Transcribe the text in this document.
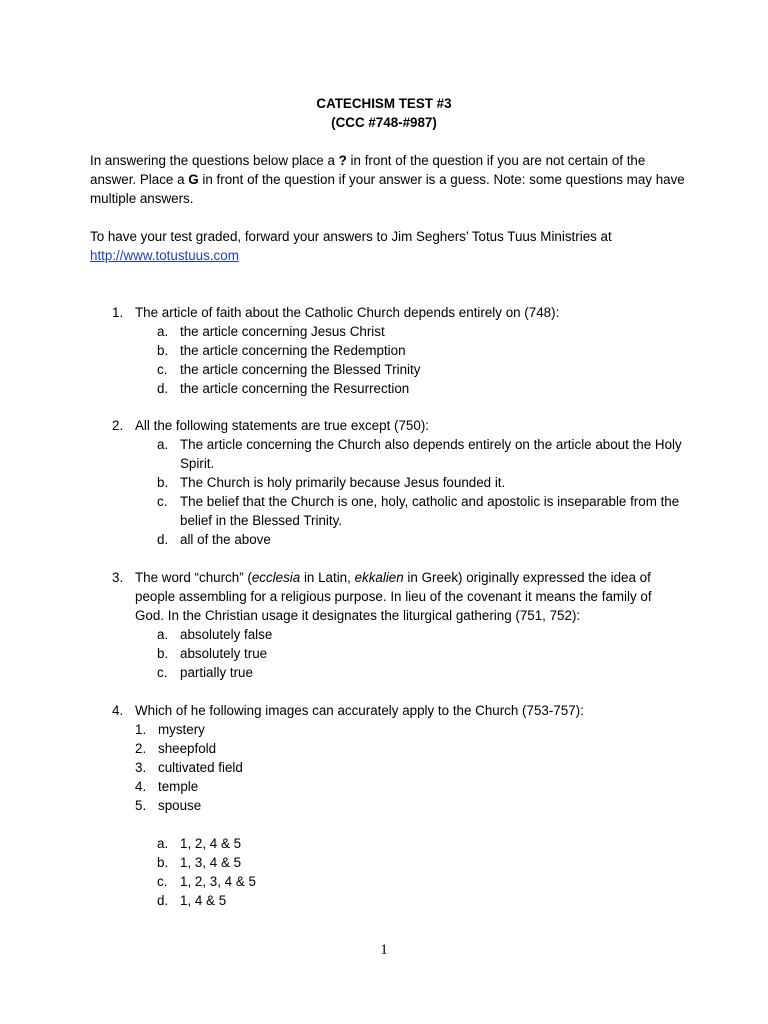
CATECHISM TEST #3
(CCC #748-#987)
In answering the questions below place a ? in front of the question if you are not certain of the answer. Place a G in front of the question if your answer is a guess. Note: some questions may have multiple answers.
To have your test graded, forward your answers to Jim Seghers’ Totus Tuus Ministries at
http://www.totustuus.com
1. The article of faith about the Catholic Church depends entirely on (748):
a. the article concerning Jesus Christ
b. the article concerning the Redemption
c. the article concerning the Blessed Trinity
d. the article concerning the Resurrection
2. All the following statements are true except (750):
a. The article concerning the Church also depends entirely on the article about the Holy Spirit.
b. The Church is holy primarily because Jesus founded it.
c. The belief that the Church is one, holy, catholic and apostolic is inseparable from the belief in the Blessed Trinity.
d. all of the above
3. The word “church” (ecclesia in Latin, ekkalien in Greek) originally expressed the idea of people assembling for a religious purpose. In lieu of the covenant it means the family of God. In the Christian usage it designates the liturgical gathering (751, 752):
a. absolutely false
b. absolutely true
c. partially true
4. Which of he following images can accurately apply to the Church (753-757):
1. mystery
2. sheepfold
3. cultivated field
4. temple
5. spouse
a. 1, 2, 4 & 5
b. 1, 3, 4 & 5
c. 1, 2, 3, 4 & 5
d. 1, 4 & 5
1
